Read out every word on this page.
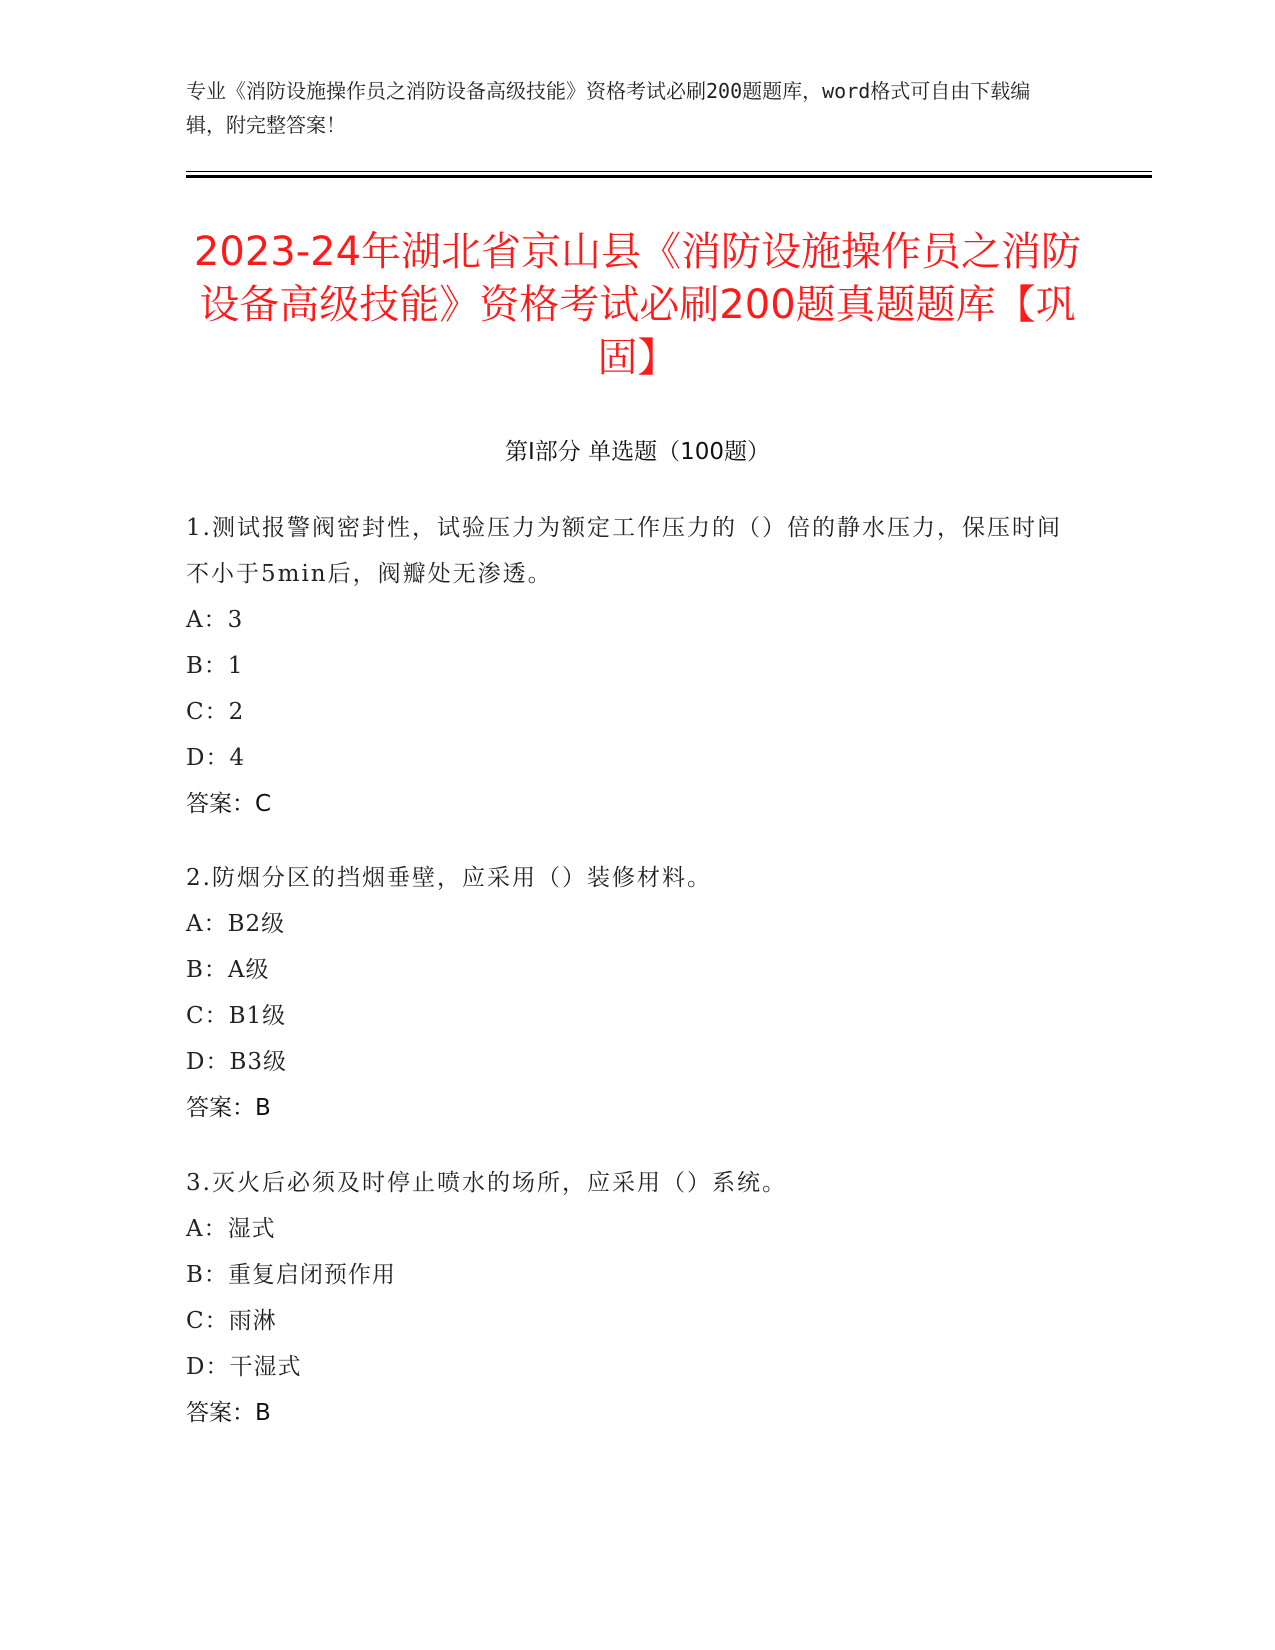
专业《消防设施操作员之消防设备高级技能》资格考试必刷200题题库，word格式可自由下载编辑，附完整答案！
2023-24年湖北省京山县《消防设施操作员之消防设备高级技能》资格考试必刷200题真题题库【巩固】
第I部分 单选题（100题）
1.测试报警阀密封性，试验压力为额定工作压力的（）倍的静水压力，保压时间不小于5min后，阀瓣处无渗透。
A：3
B：1
C：2
D：4
答案：C
2.防烟分区的挡烟垂壁，应采用（）装修材料。
A：B2级
B：A级
C：B1级
D：B3级
答案：B
3.灭火后必须及时停止喷水的场所，应采用（）系统。
A：湿式
B：重复启闭预作用
C：雨淋
D：干湿式
答案：B
